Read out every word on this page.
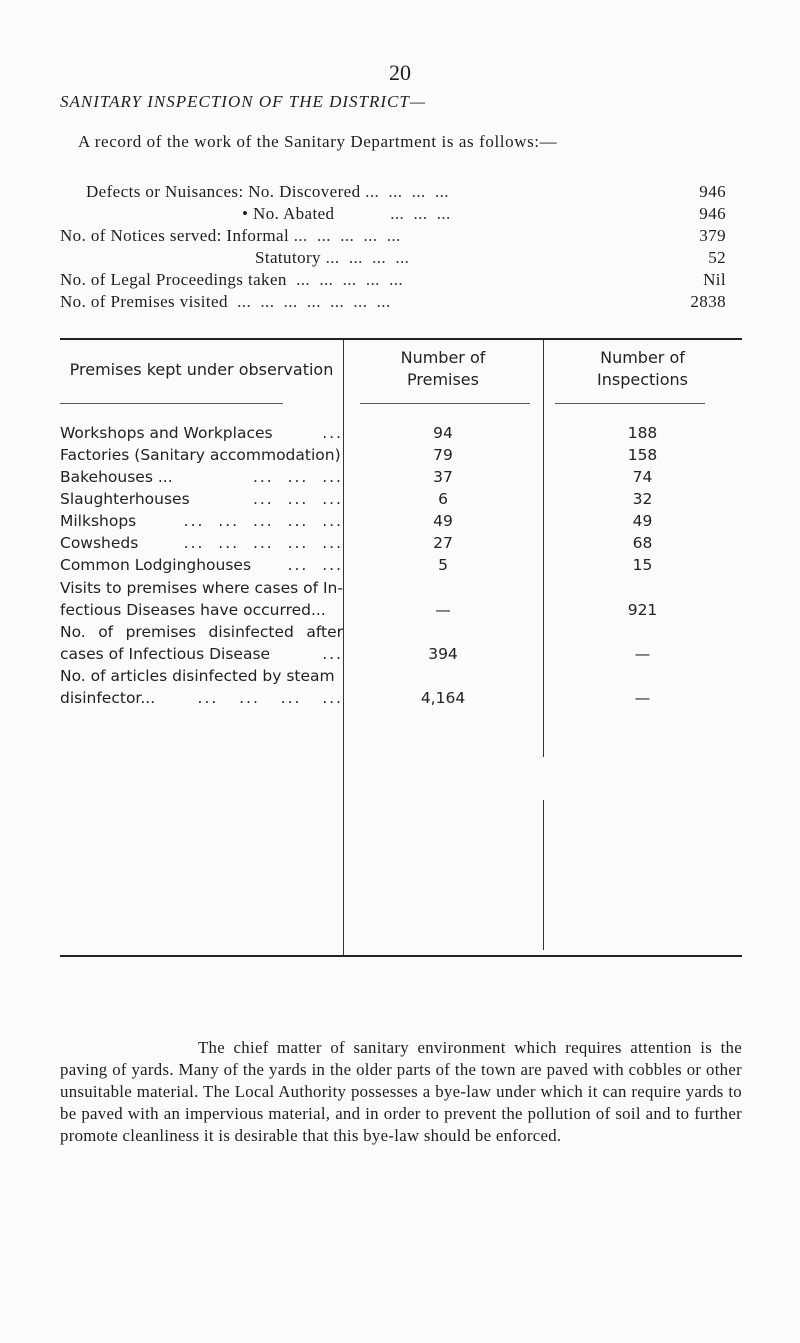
20
SANITARY INSPECTION OF THE DISTRICT—
A record of the work of the Sanitary Department is as follows:—
Defects or Nuisances: No. Discovered ...  ...  ...  ...	946
• No. Abated            ...  ...  ...	946
No. of Notices served: Informal ...  ...  ...  ...  ...	379
Statutory ...  ...  ...  ...	52
No. of Legal Proceedings taken  ...  ...  ...  ...  ...	Nil
No. of Premises visited  ...  ...  ...  ...  ...  ...  ...	2838
Premises kept under observation
Number of
Premises
Number of
Inspections
Workshops and Workplaces	...	94	188
Factories (Sanitary accommodation)	79	158
Bakehouses ...	...  ...  ...	37	74
Slaughterhouses	...  ...  ...	6	32
Milkshops	...  ...  ...  ...  ...	49	49
Cowsheds	...  ...  ...  ...  ...	27	68
Common Lodginghouses ...  ...	5	15
Visits to premises where cases of In-
fectious Diseases have occurred...	—	921
No. of premises disinfected after
cases of Infectious Disease	...	394	—
No. of articles disinfected by steam
disinfector...	...   ...   ...   ...	4,164	—

The chief matter of sanitary environment which requires attention is the paving of yards. Many of the yards in the older parts of the town are paved with cobbles or other unsuitable material. The Local Authority possesses a bye-law under which it can require yards to be paved with an impervious material, and in order to prevent the pollution of soil and to further promote cleanliness it is desirable that this bye-law should be enforced.
